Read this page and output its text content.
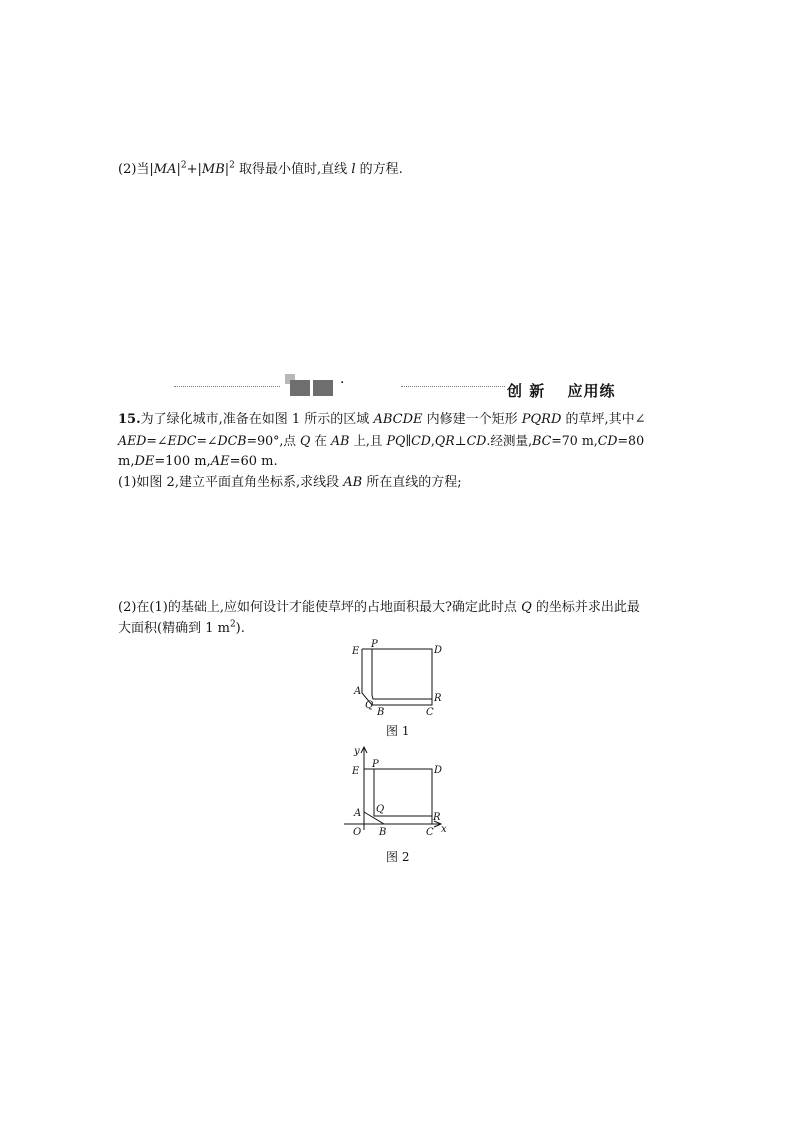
(2)当$|MA|^2+|MB|^2$ 取得最小值时,直线 l 的方程.
·	创 新　 应用练
15.为了绿化城市,准备在如图 1 所示的区域 ABCDE 内修建一个矩形 PQRD 的草坪,其中∠
AED=∠EDC=∠DCB=90°,点 Q 在 AB 上,且 PQ∥CD,QR⊥CD.经测量,BC=70 m,CD=80
m,DE=100 m,AE=60 m.
(1)如图 2,建立平面直角坐标系,求线段 AB 所在直线的方程;
(2)在(1)的基础上,应如何设计才能使草坪的占地面积最大?确定此时点 Q 的坐标并求出此最
大面积(精确到 1 $m^2$).
E
P
D
A
R
Q
B	C
图 1
y
E
P
D
A Q
R
O B	C x
图 2
